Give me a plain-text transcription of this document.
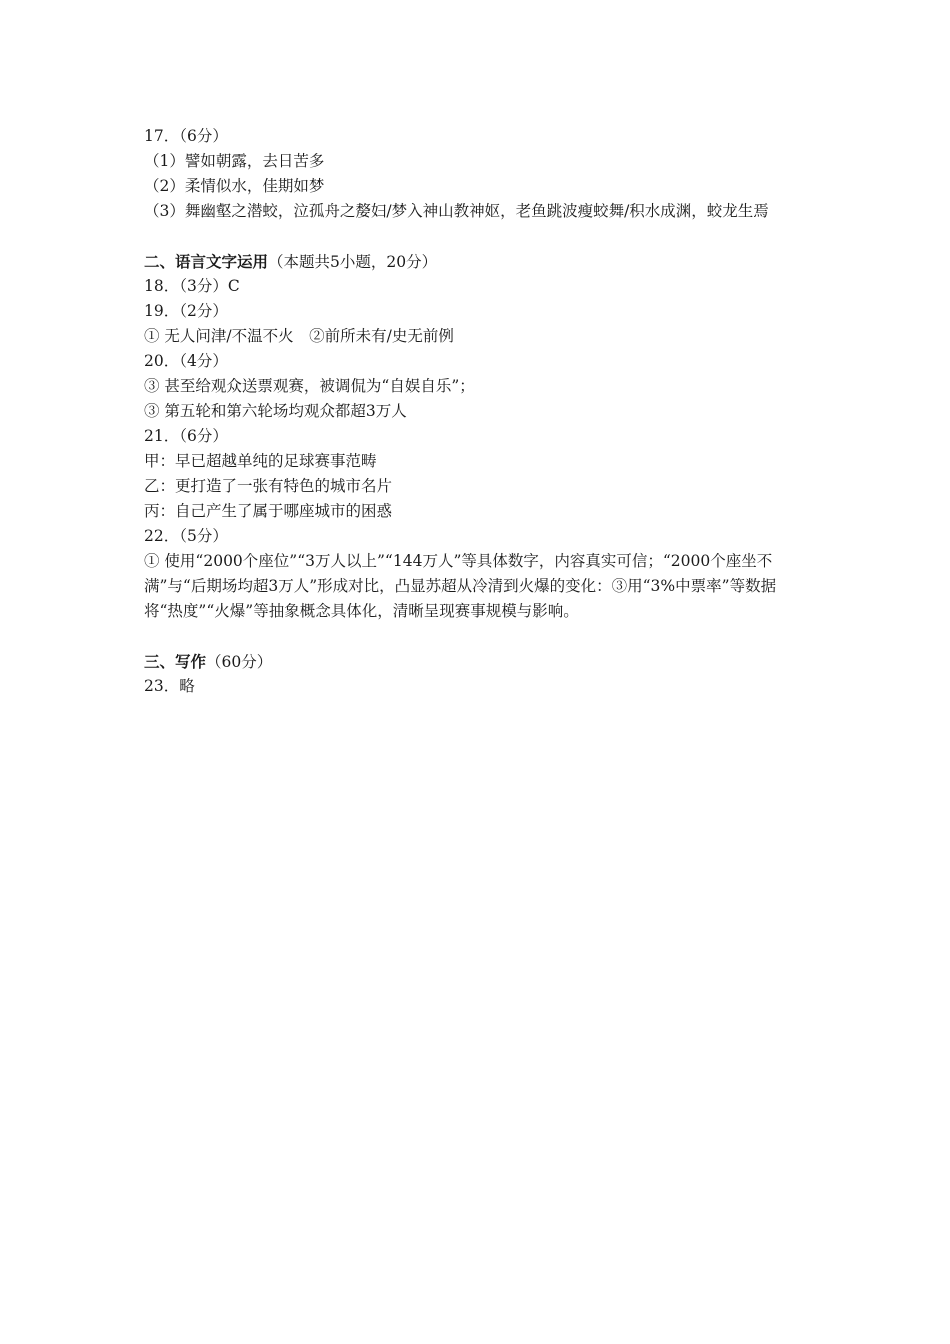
17．（6分）
（1）譬如朝露，去日苦多
（2）柔情似水，佳期如梦
（3）舞幽壑之潜蛟，泣孤舟之嫠妇/梦入神山教神妪，老鱼跳波瘦蛟舞/积水成渊，蛟龙生焉
二、语言文字运用（本题共5小题，20分）
18．（3分）C
19．（2分）
① 无人问津/不温不火　②前所未有/史无前例
20．（4分）
③ 甚至给观众送票观赛，被调侃为“自娱自乐”；
③ 第五轮和第六轮场均观众都超3万人
21．（6分）
甲：早已超越单纯的足球赛事范畴
乙：更打造了一张有特色的城市名片
丙：自己产生了属于哪座城市的困惑
22．（5分）
① 使用“2000个座位”“3万人以上”“144万人”等具体数字，内容真实可信；“2000个座坐不满”与“后期场均超3万人”形成对比，凸显苏超从冷清到火爆的变化：③用“3%中票率”等数据将“热度”“火爆”等抽象概念具体化，清晰呈现赛事规模与影响。
三、写作（60分）
23．略
